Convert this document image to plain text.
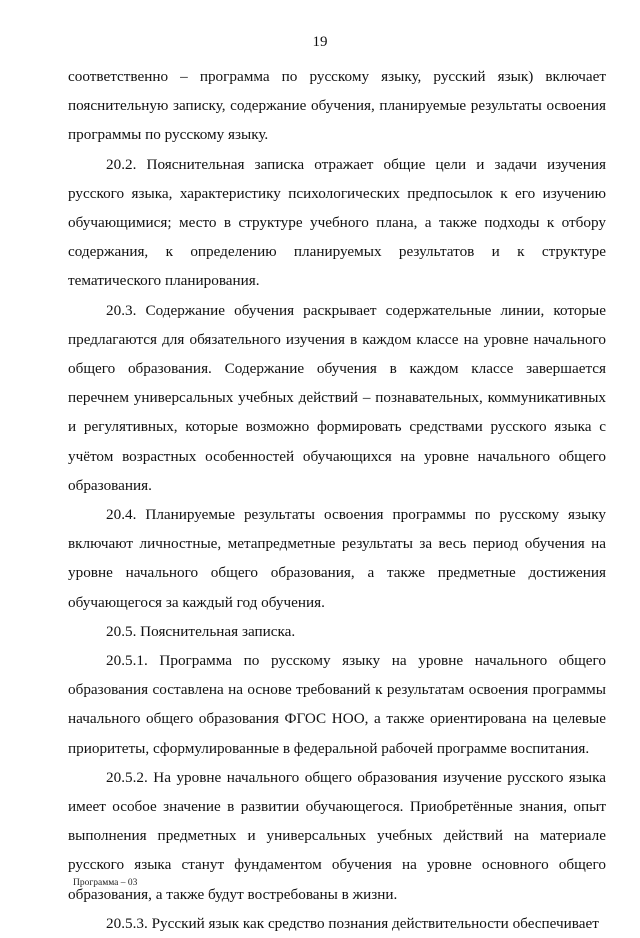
19

соответственно – программа по русскому языку, русский язык) включает пояснительную записку, содержание обучения, планируемые результаты освоения программы по русскому языку.

20.2. Пояснительная записка отражает общие цели и задачи изучения русского языка, характеристику психологических предпосылок к его изучению обучающимися; место в структуре учебного плана, а также подходы к отбору содержания, к определению планируемых результатов и к структуре тематического планирования.

20.3. Содержание обучения раскрывает содержательные линии, которые предлагаются для обязательного изучения в каждом классе на уровне начального общего образования. Содержание обучения в каждом классе завершается перечнем универсальных учебных действий – познавательных, коммуникативных и регулятивных, которые возможно формировать средствами русского языка с учётом возрастных особенностей обучающихся на уровне начального общего образования.

20.4. Планируемые результаты освоения программы по русскому языку включают личностные, метапредметные результаты за весь период обучения на уровне начального общего образования, а также предметные достижения обучающегося за каждый год обучения.

20.5. Пояснительная записка.

20.5.1. Программа по русскому языку на уровне начального общего образования составлена на основе требований к результатам освоения программы начального общего образования ФГОС НОО, а также ориентирована на целевые приоритеты, сформулированные в федеральной рабочей программе воспитания.

20.5.2. На уровне начального общего образования изучение русского языка имеет особое значение в развитии обучающегося. Приобретённые знания, опыт выполнения предметных и универсальных учебных действий на материале русского языка станут фундаментом обучения на уровне основного общего образования, а также будут востребованы в жизни.

20.5.3. Русский язык как средство познания действительности обеспечивает

Программа – 03
